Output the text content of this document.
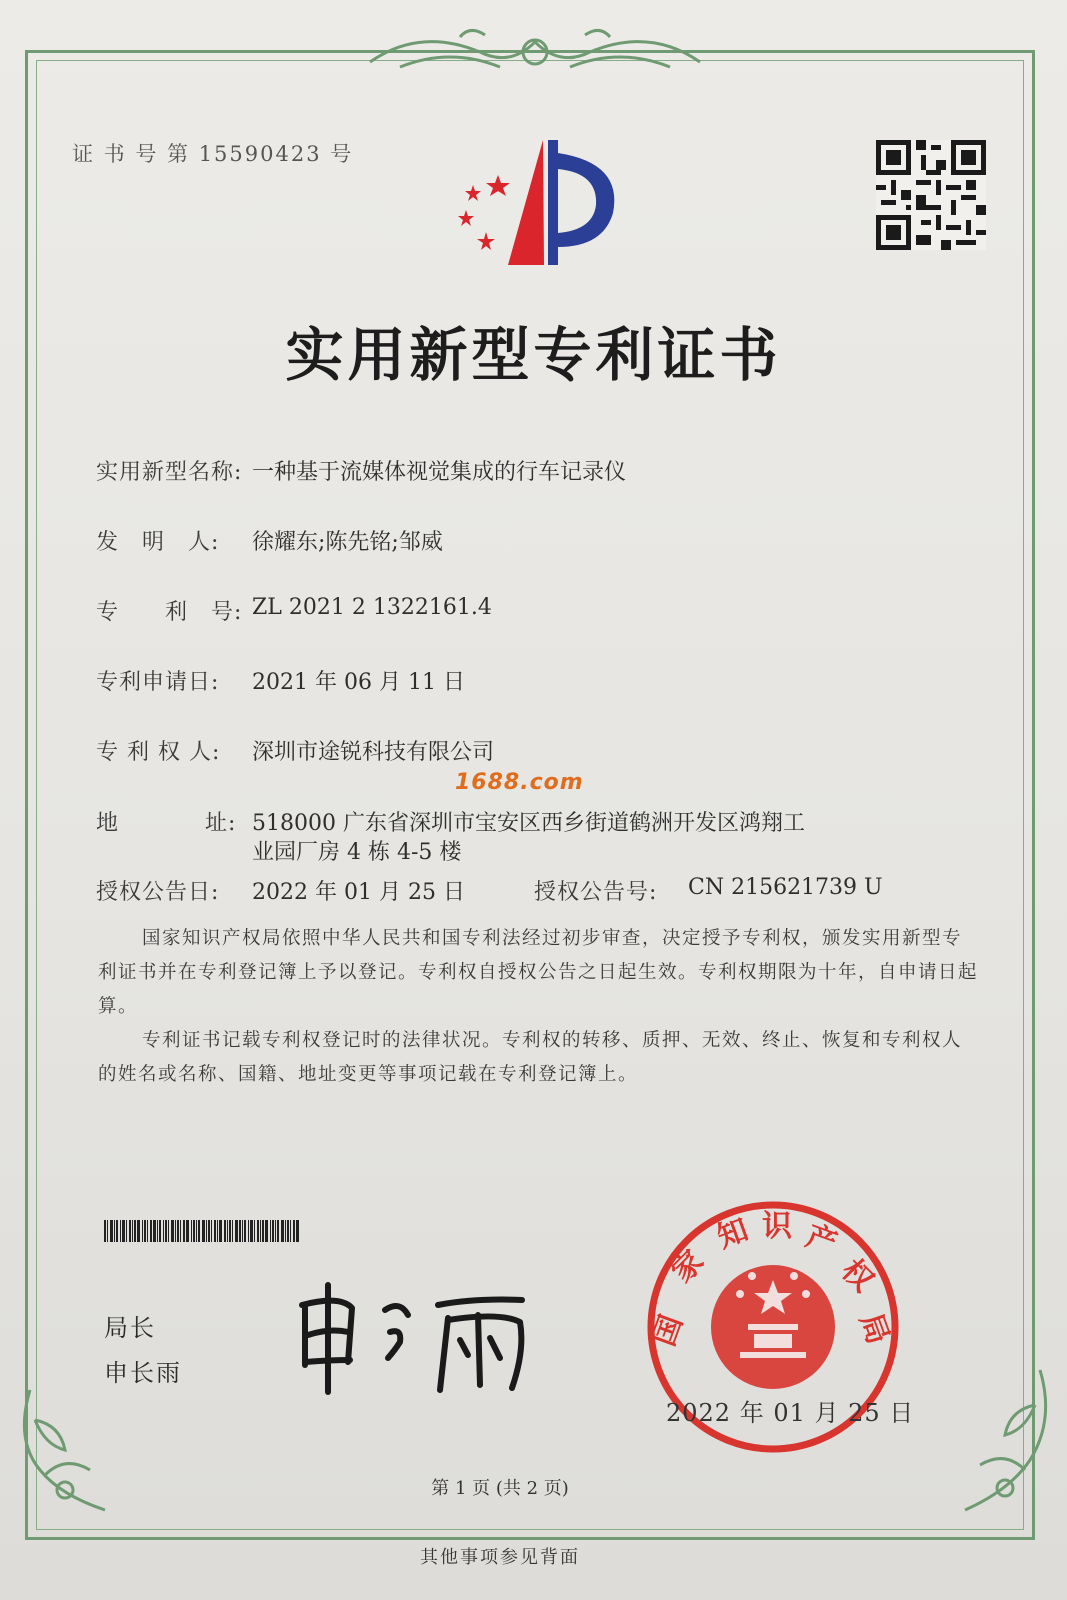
证 书 号 第 15590423 号
实用新型专利证书
实用新型名称: 一种基于流媒体视觉集成的行车记录仪
发　明　人: 徐耀东;陈先铭;邹威
专　　利　号: ZL 2021 2 1322161.4
专利申请日: 2021 年 06 月 11 日
专 利 权 人: 深圳市途锐科技有限公司
1688.com
地	址: 518000 广东省深圳市宝安区西乡街道鹤洲开发区鸿翔工
业园厂房 4 栋 4-5 楼
授权公告日: 2022 年 01 月 25 日	授权公告号: CN 215621739 U
国家知识产权局依照中华人民共和国专利法经过初步审查，决定授予专利权，颁发实用新型专利证书并在专利登记簿上予以登记。专利权自授权公告之日起生效。专利权期限为十年，自申请日起算。
专利证书记载专利权登记时的法律状况。专利权的转移、质押、无效、终止、恢复和专利权人的姓名或名称、国籍、地址变更等事项记载在专利登记簿上。
局长
申长雨
国
家
知 识 产
权
局
2022 年 01 月 25 日
第 1 页 (共 2 页)
其他事项参见背面
